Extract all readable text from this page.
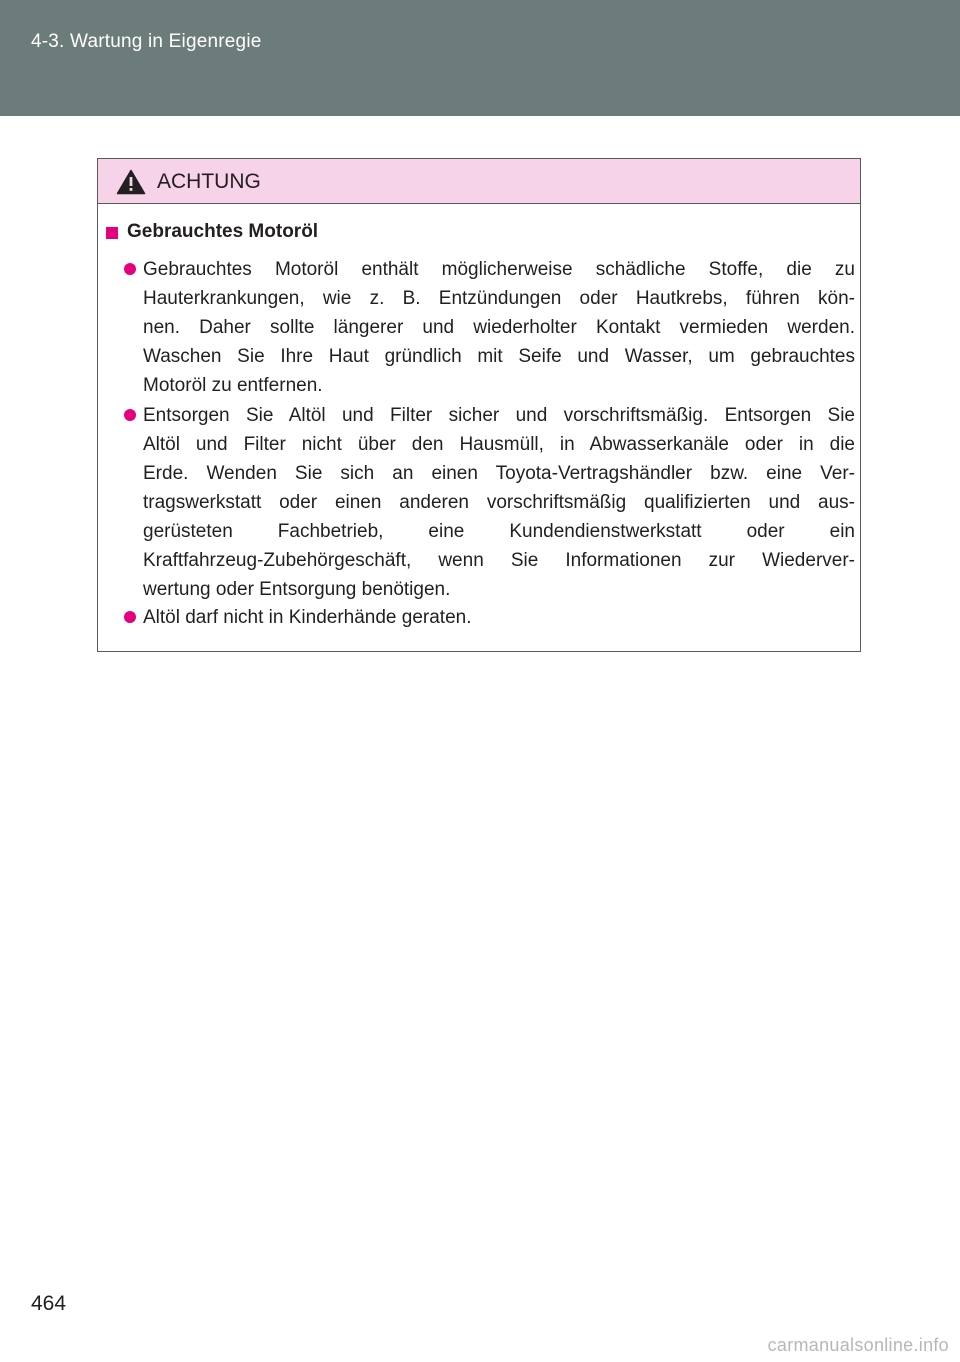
4-3. Wartung in Eigenregie
ACHTUNG
Gebrauchtes Motoröl
Gebrauchtes Motoröl enthält möglicherweise schädliche Stoffe, die zu
Hauterkrankungen, wie z. B. Entzündungen oder Hautkrebs, führen kön-
nen. Daher sollte längerer und wiederholter Kontakt vermieden werden.
Waschen Sie Ihre Haut gründlich mit Seife und Wasser, um gebrauchtes
Motoröl zu entfernen.
Entsorgen Sie Altöl und Filter sicher und vorschriftsmäßig. Entsorgen Sie
Altöl und Filter nicht über den Hausmüll, in Abwasserkanäle oder in die
Erde. Wenden Sie sich an einen Toyota-Vertragshändler bzw. eine Ver-
tragswerkstatt oder einen anderen vorschriftsmäßig qualifizierten und aus-
gerüsteten Fachbetrieb, eine Kundendienstwerkstatt oder ein
Kraftfahrzeug-Zubehörgeschäft, wenn Sie Informationen zur Wiederver-
wertung oder Entsorgung benötigen.
Altöl darf nicht in Kinderhände geraten.
464
carmanualsonline.info
